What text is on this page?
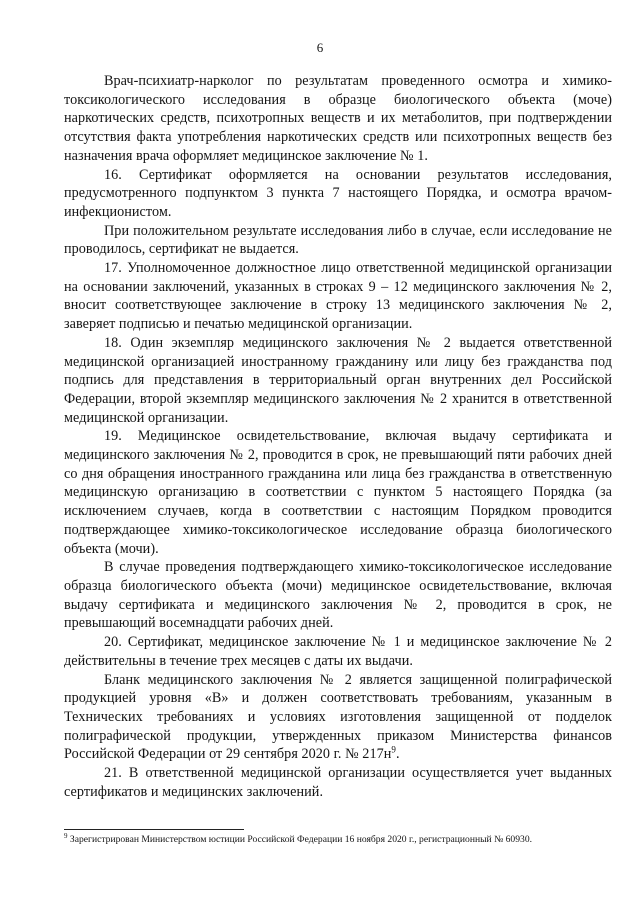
6

Врач-психиатр-нарколог по результатам проведенного осмотра и химико-токсикологического исследования в образце биологического объекта (моче) наркотических средств, психотропных веществ и их метаболитов, при подтверждении отсутствия факта употребления наркотических средств или психотропных веществ без назначения врача оформляет медицинское заключение № 1.

16. Сертификат оформляется на основании результатов исследования, предусмотренного подпунктом 3 пункта 7 настоящего Порядка, и осмотра врачом-инфекционистом.

При положительном результате исследования либо в случае, если исследование не проводилось, сертификат не выдается.

17. Уполномоченное должностное лицо ответственной медицинской организации на основании заключений, указанных в строках 9 – 12 медицинского заключения № 2, вносит соответствующее заключение в строку 13 медицинского заключения № 2, заверяет подписью и печатью медицинской организации.

18. Один экземпляр медицинского заключения № 2 выдается ответственной медицинской организацией иностранному гражданину или лицу без гражданства под подпись для представления в территориальный орган внутренних дел Российской Федерации, второй экземпляр медицинского заключения № 2 хранится в ответственной медицинской организации.

19. Медицинское освидетельствование, включая выдачу сертификата и медицинского заключения № 2, проводится в срок, не превышающий пяти рабочих дней со дня обращения иностранного гражданина или лица без гражданства в ответственную медицинскую организацию в соответствии с пунктом 5 настоящего Порядка (за исключением случаев, когда в соответствии с настоящим Порядком проводится подтверждающее химико-токсикологическое исследование образца биологического объекта (мочи).

В случае проведения подтверждающего химико-токсикологическое исследование образца биологического объекта (мочи) медицинское освидетельствование, включая выдачу сертификата и медицинского заключения № 2, проводится в срок, не превышающий восемнадцати рабочих дней.

20. Сертификат, медицинское заключение № 1 и медицинское заключение № 2 действительны в течение трех месяцев с даты их выдачи.

Бланк медицинского заключения № 2 является защищенной полиграфической продукцией уровня «В» и должен соответствовать требованиям, указанным в Технических требованиях и условиях изготовления защищенной от подделок полиграфической продукции, утвержденных приказом Министерства финансов Российской Федерации от 29 сентября 2020 г. № $217н^9$.

21. В ответственной медицинской организации осуществляется учет выданных сертификатов и медицинских заключений.

$^9$ Зарегистрирован Министерством юстиции Российской Федерации 16 ноября 2020 г., регистрационный № 60930.
